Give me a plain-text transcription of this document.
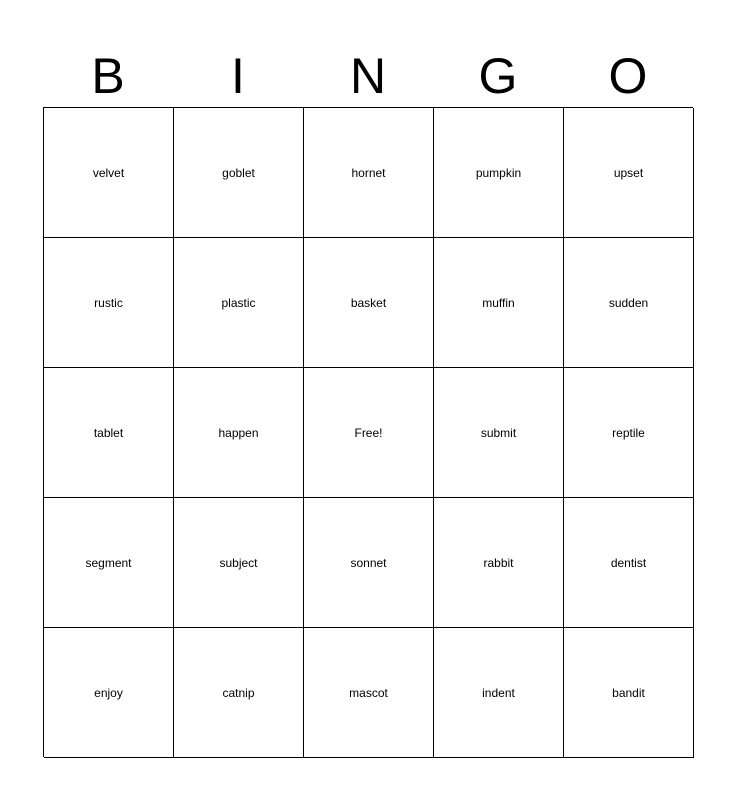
B	I	N	G	O
velvet	goblet	hornet	pumpkin	upset
rustic	plastic	basket	muffin	sudden
tablet	happen	Free!	submit	reptile
segment	subject	sonnet	rabbit	dentist
enjoy	catnip	mascot	indent	bandit
